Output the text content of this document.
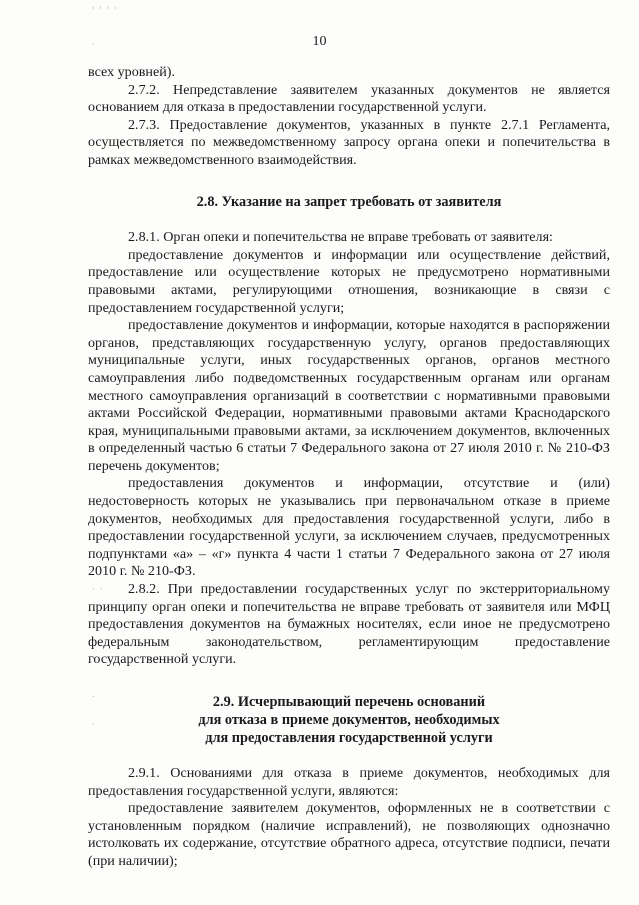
' ' ' '
·
· ·
.
·
10

всех уровней).

2.7.2. Непредставление заявителем указанных документов не является основанием для отказа в предоставлении государственной услуги.

2.7.3. Предоставление документов, указанных в пункте 2.7.1 Регламента, осуществляется по межведомственному запросу органа опеки и попечительства в рамках межведомственного взаимодействия.

2.8. Указание на запрет требовать от заявителя

2.8.1. Орган опеки и попечительства не вправе требовать от заявителя:

предоставление документов и информации или осуществление действий, предоставление или осуществление которых не предусмотрено нормативными правовыми актами, регулирующими отношения, возникающие в связи с предоставлением государственной услуги;

предоставление документов и информации, которые находятся в распоряжении органов, представляющих государственную услугу, органов предоставляющих муниципальные услуги, иных государственных органов, органов местного самоуправления либо подведомственных государственным органам или органам местного самоуправления организаций в соответствии с нормативными правовыми актами Российской Федерации, нормативными правовыми актами Краснодарского края, муниципальными правовыми актами, за исключением документов, включенных в определенный частью 6 статьи 7 Федерального закона от 27 июля 2010 г. № 210-ФЗ перечень документов;

предоставления документов и информации, отсутствие и (или) недостоверность которых не указывались при первоначальном отказе в приеме документов, необходимых для предоставления государственной услуги, либо в предоставлении государственной услуги, за исключением случаев, предусмотренных подпунктами «а» – «г» пункта 4 части 1 статьи 7 Федерального закона от 27 июля 2010 г. № 210-ФЗ.

2.8.2. При предоставлении государственных услуг по экстерриториальному принципу орган опеки и попечительства не вправе требовать от заявителя или МФЦ предоставления документов на бумажных носителях, если иное не предусмотрено федеральным законодательством, регламентирующим предоставление государственной услуги.

2.9. Исчерпывающий перечень оснований
для отказа в приеме документов, необходимых
для предоставления государственной услуги

2.9.1. Основаниями для отказа в приеме документов, необходимых для предоставления государственной услуги, являются:

предоставление заявителем документов, оформленных не в соответствии с установленным порядком (наличие исправлений), не позволяющих однозначно истолковать их содержание, отсутствие обратного адреса, отсутствие подписи, печати (при наличии);
